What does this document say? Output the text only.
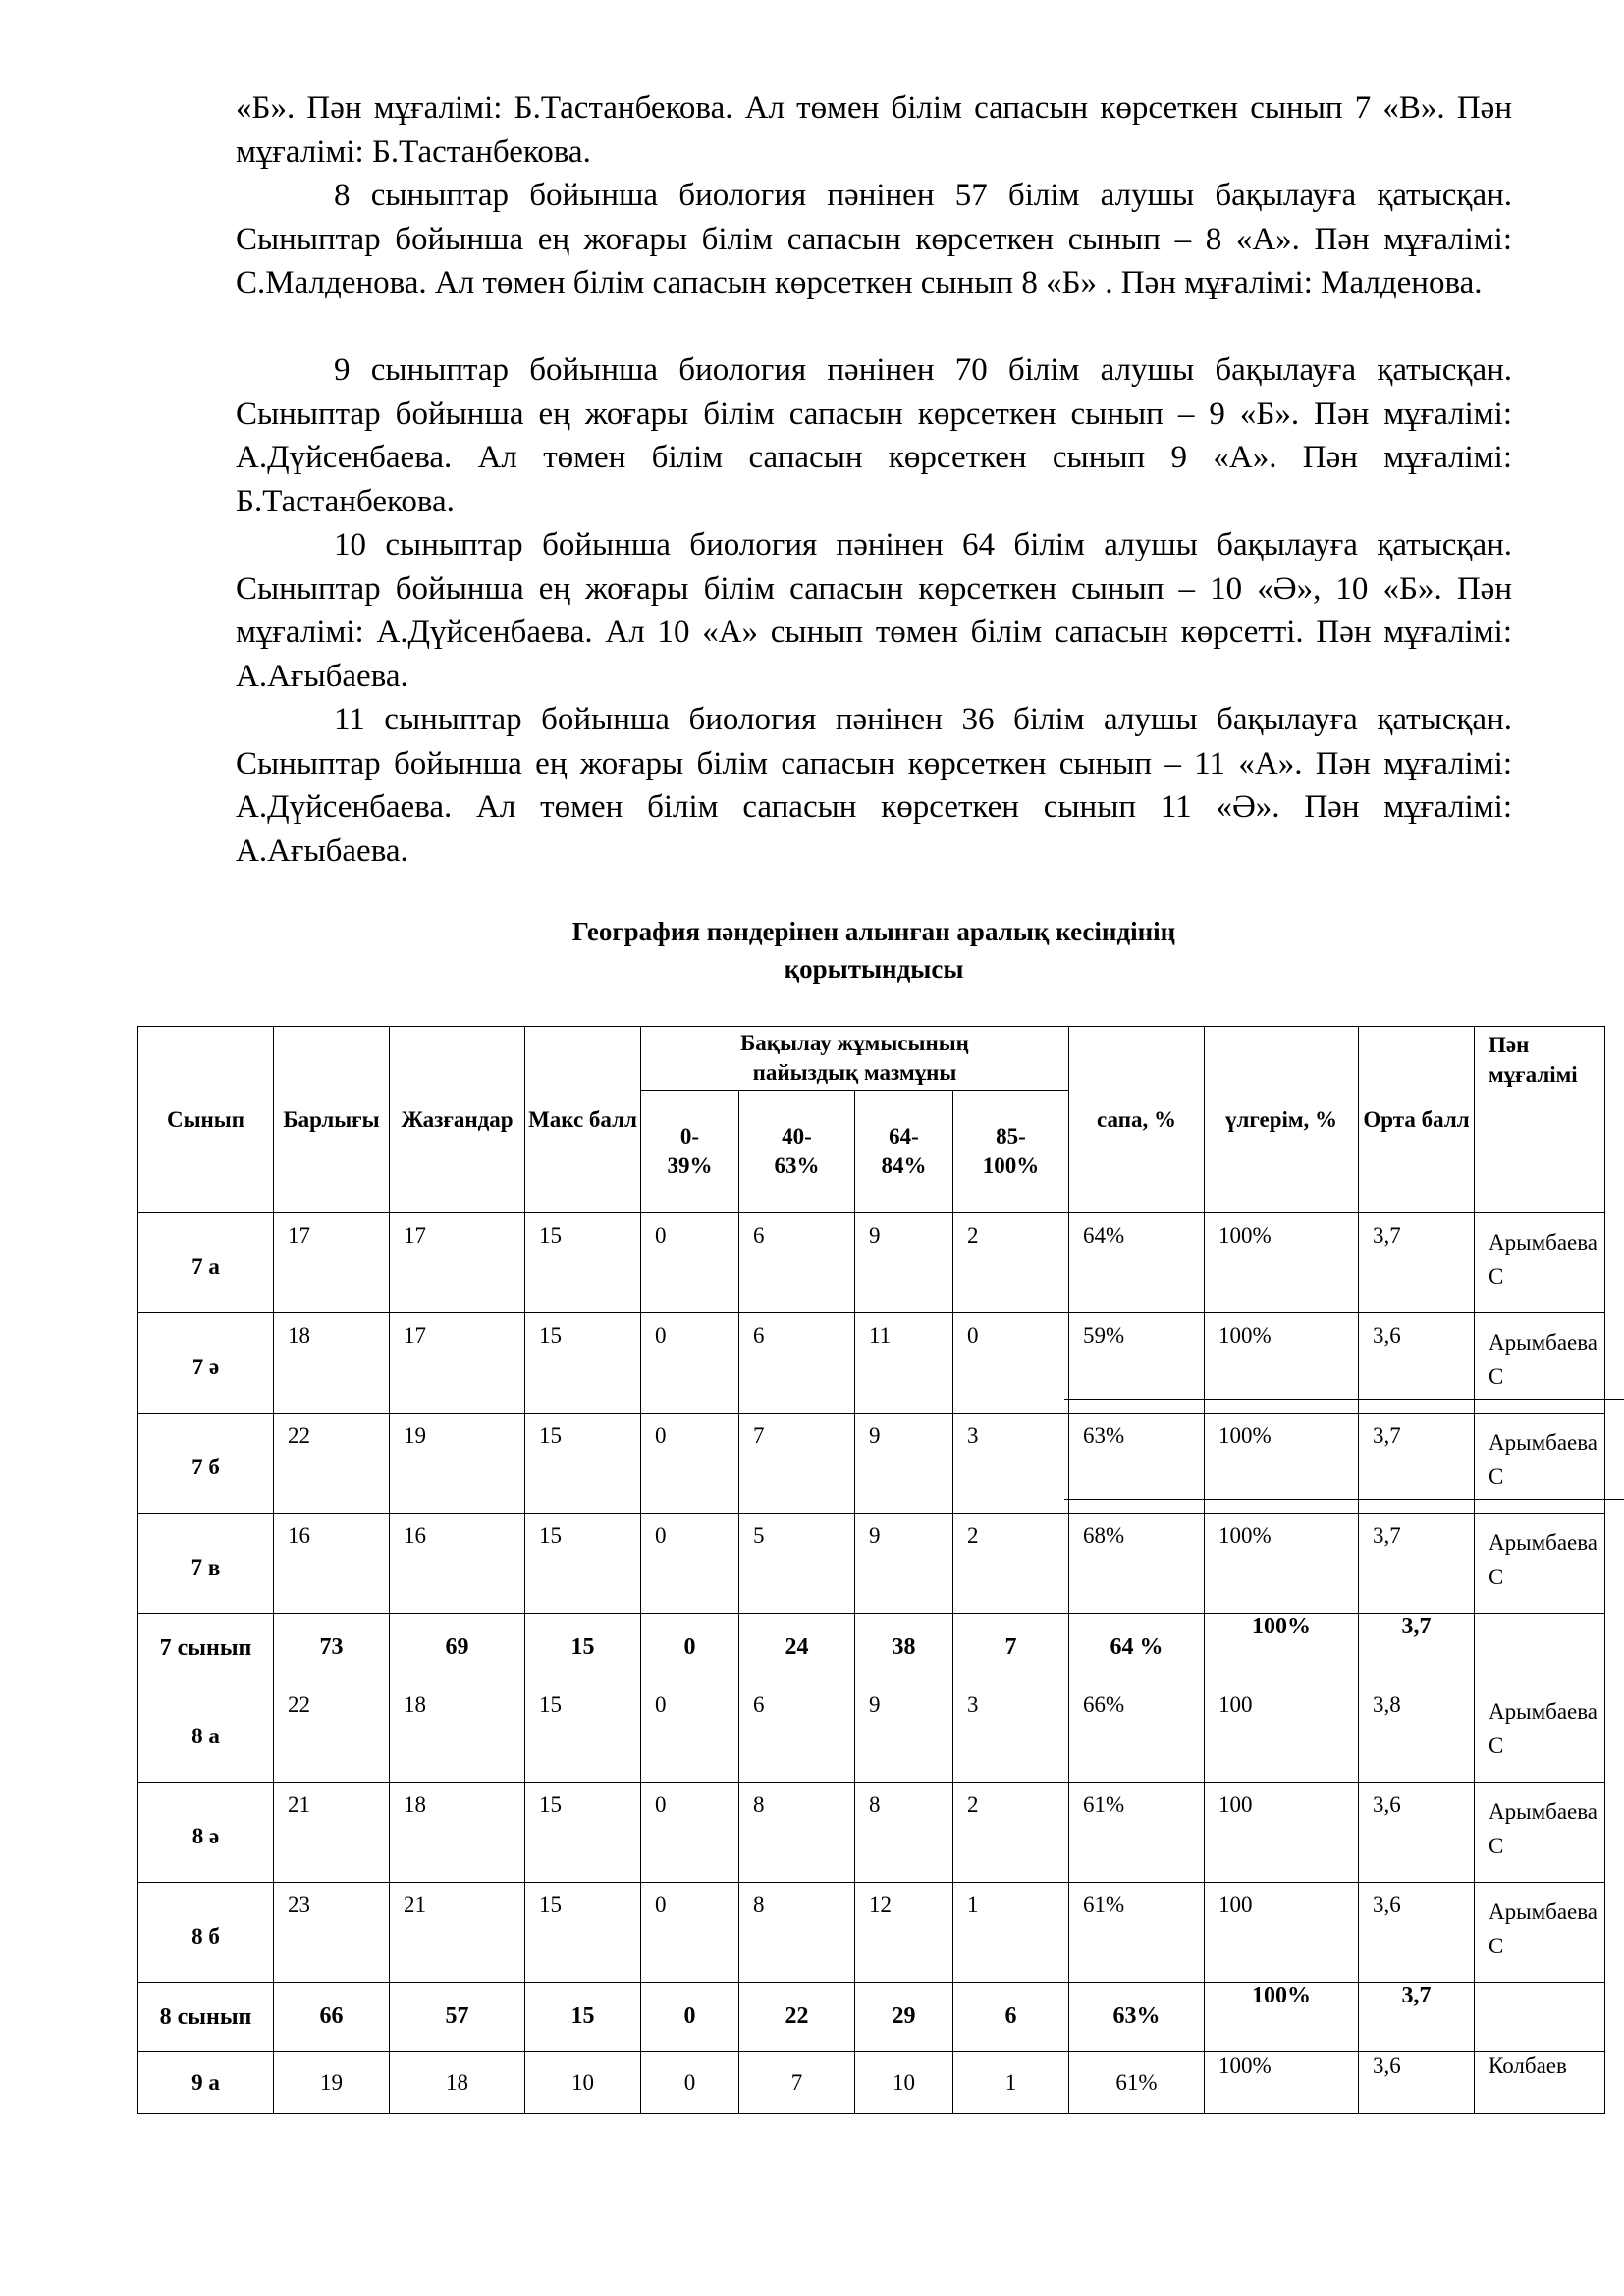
«Б». Пән мұғалімі: Б.Тастанбекова. Ал төмен білім сапасын көрсеткен сынып 7 «В». Пән мұғалімі: Б.Тастанбекова.

8 сыныптар бойынша биология пәнінен 57 білім алушы бақылауға қатысқан. Сыныптар бойынша ең жоғары білім сапасын көрсеткен сынып – 8 «А». Пән мұғалімі: С.Малденова. Ал төмен білім сапасын көрсеткен сынып 8 «Б» . Пән мұғалімі: Малденова.

9 сыныптар бойынша биология пәнінен 70 білім алушы бақылауға қатысқан. Сыныптар бойынша ең жоғары білім сапасын көрсеткен сынып – 9 «Б». Пән мұғалімі: А.Дүйсенбаева. Ал төмен білім сапасын көрсеткен сынып 9 «А». Пән мұғалімі: Б.Тастанбекова.

10 сыныптар бойынша биология пәнінен 64 білім алушы бақылауға қатысқан. Сыныптар бойынша ең жоғары білім сапасын көрсеткен сынып – 10 «Ә», 10 «Б». Пән мұғалімі: А.Дүйсенбаева. Ал 10 «А» сынып төмен білім сапасын көрсетті. Пән мұғалімі: А.Ағыбаева.

11 сыныптар бойынша биология пәнінен 36 білім алушы бақылауға қатысқан. Сыныптар бойынша ең жоғары білім сапасын көрсеткен сынып – 11 «А». Пән мұғалімі: А.Дүйсенбаева. Ал төмен білім сапасын көрсеткен сынып 11 «Ә». Пән мұғалімі: А.Ағыбаева.

География пәндерінен алынған аралық кесіндінің
қорытындысы
Сынып	Барлығы	Жазғандар	Макс балл	Бақылау жұмысының пайыздық мазмұны				сапа, %	үлгерім, %	Орта балл	Пән мұғалімі
				0-39%	40-63%	64-84%	85-100%				
7 а	17	17	15	0	6	9	2	64%	100%	3,7	Арымбаева С
7 ә	18	17	15	0	6	11	0	59%	100%	3,6	Арымбаева С
7 б	22	19	15	0	7	9	3	63%	100%	3,7	Арымбаева С
7 в	16	16	15	0	5	9	2	68%	100%	3,7	Арымбаева С
7 сынып	73	69	15	0	24	38	7	64 %	100%	3,7	
8 а	22	18	15	0	6	9	3	66%	100	3,8	Арымбаева С
8 ә	21	18	15	0	8	8	2	61%	100	3,6	Арымбаева С
8 б	23	21	15	0	8	12	1	61%	100	3,6	Арымбаева С
8 сынып	66	57	15	0	22	29	6	63%	100%	3,7	
9 а	19	18	10	0	7	10	1	61%	100%	3,6	Колбаев
